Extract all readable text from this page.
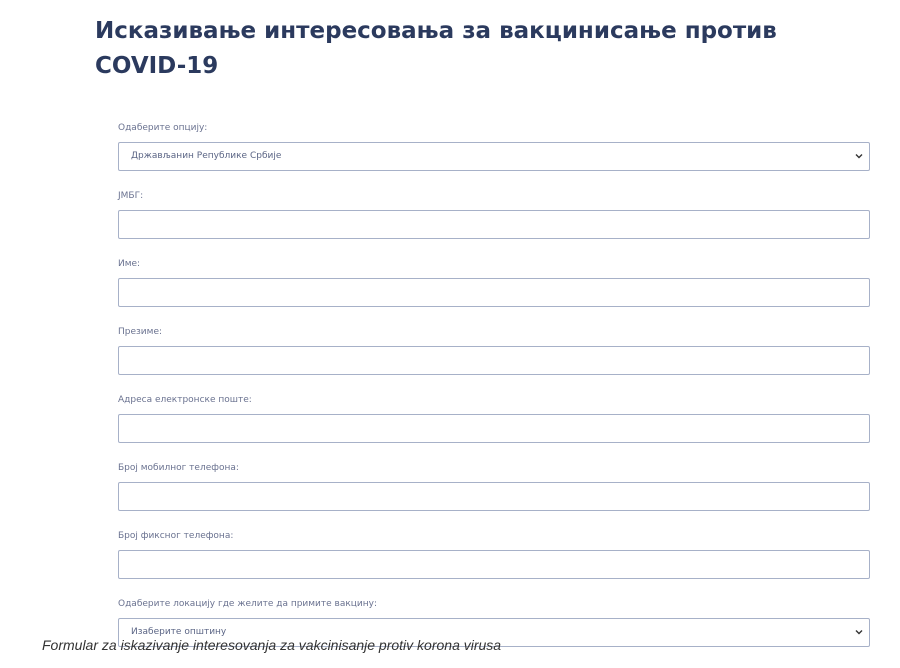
Исказивање интересовања за вакцинисање против COVID-19
Одаберите опцију:
Држављанин Републике Србије
ЈМБГ:
Име:
Презиме:
Адреса електронске поште:
Број мобилног телефона:
Број фиксног телефона:
Одаберите локацију где желите да примите вакцину:
Изаберите општину
Formular za iskazivanje interesovanja za vakcinisanje protiv korona virusa
